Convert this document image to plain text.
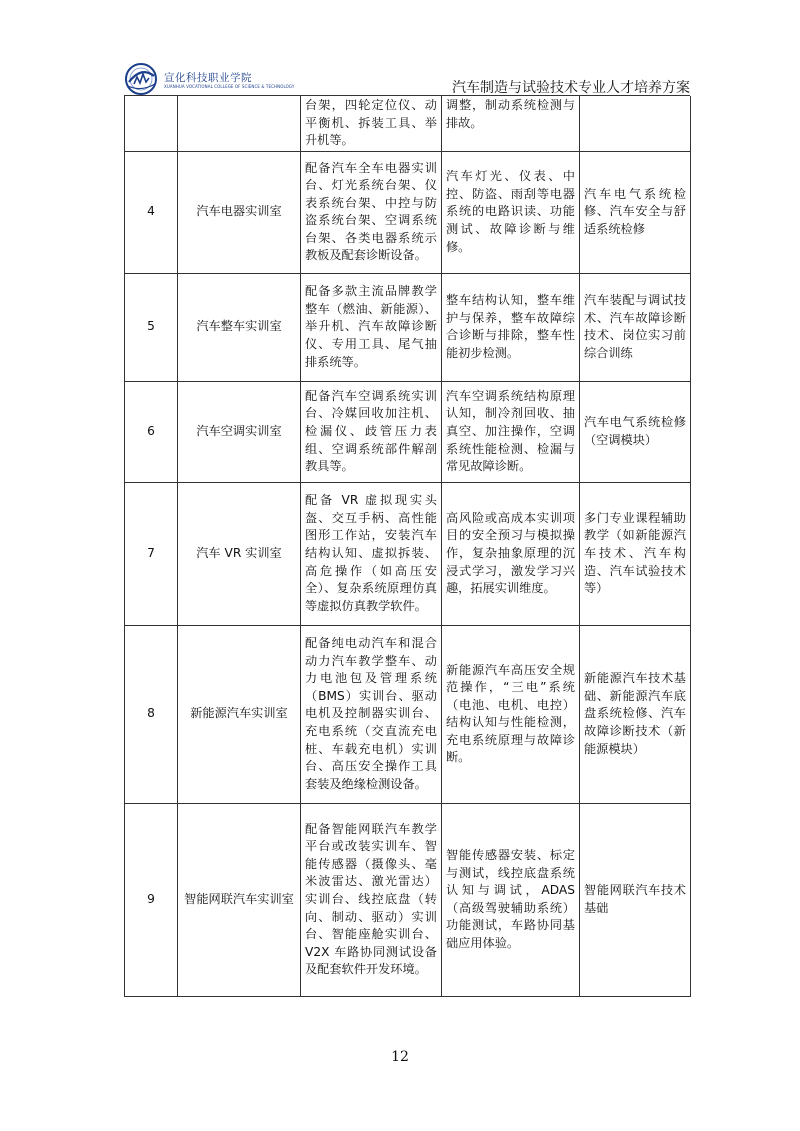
宣化科技职业学院
XUANHUA VOCATIONAL COLLEGE OF SCIENCE & TECHNOLOGY	汽车制造与试验技术专业人才培养方案
		台架，四轮定位仪、动平衡机、拆装工具、举升机等。	调整，制动系统检测与排故。	
4	汽车电器实训室	配备汽车全车电器实训台、灯光系统台架、仪表系统台架、中控与防盗系统台架、空调系统台架、各类电器系统示教板及配套诊断设备。	汽车灯光、仪表、中控、防盗、雨刮等电器系统的电路识读、功能测试、故障诊断与维修。	汽车电气系统检修、汽车安全与舒适系统检修
5	汽车整车实训室	配备多款主流品牌教学整车（燃油、新能源）、举升机、汽车故障诊断仪、专用工具、尾气抽排系统等。	整车结构认知，整车维护与保养，整车故障综合诊断与排除，整车性能初步检测。	汽车装配与调试技术、汽车故障诊断技术、岗位实习前综合训练
6	汽车空调实训室	配备汽车空调系统实训台、冷媒回收加注机、检漏仪、歧管压力表组、空调系统部件解剖教具等。	汽车空调系统结构原理认知，制冷剂回收、抽真空、加注操作，空调系统性能检测、检漏与常见故障诊断。	汽车电气系统检修（空调模块）
7	汽车 VR 实训室	配备 VR 虚拟现实头盔、交互手柄、高性能图形工作站，安装汽车结构认知、虚拟拆装、高危操作（如高压安全）、复杂系统原理仿真等虚拟仿真教学软件。	高风险或高成本实训项目的安全预习与模拟操作，复杂抽象原理的沉浸式学习，激发学习兴趣，拓展实训维度。	多门专业课程辅助教学（如新能源汽车技术、汽车构造、汽车试验技术等）
8	新能源汽车实训室	配备纯电动汽车和混合动力汽车教学整车、动力电池包及管理系统（BMS）实训台、驱动电机及控制器实训台、充电系统（交直流充电桩、车载充电机）实训台、高压安全操作工具套装及绝缘检测设备。	新能源汽车高压安全规范操作，“三电”系统（电池、电机、电控）结构认知与性能检测，充电系统原理与故障诊断。	新能源汽车技术基础、新能源汽车底盘系统检修、汽车故障诊断技术（新能源模块）
9	智能网联汽车实训室	配备智能网联汽车教学平台或改装实训车、智能传感器（摄像头、毫米波雷达、激光雷达）实训台、线控底盘（转向、制动、驱动）实训台、智能座舱实训台、V2X 车路协同测试设备及配套软件开发环境。	智能传感器安装、标定与测试，线控底盘系统认知与调试，ADAS（高级驾驶辅助系统）功能测试，车路协同基础应用体验。	智能网联汽车技术基础
12
